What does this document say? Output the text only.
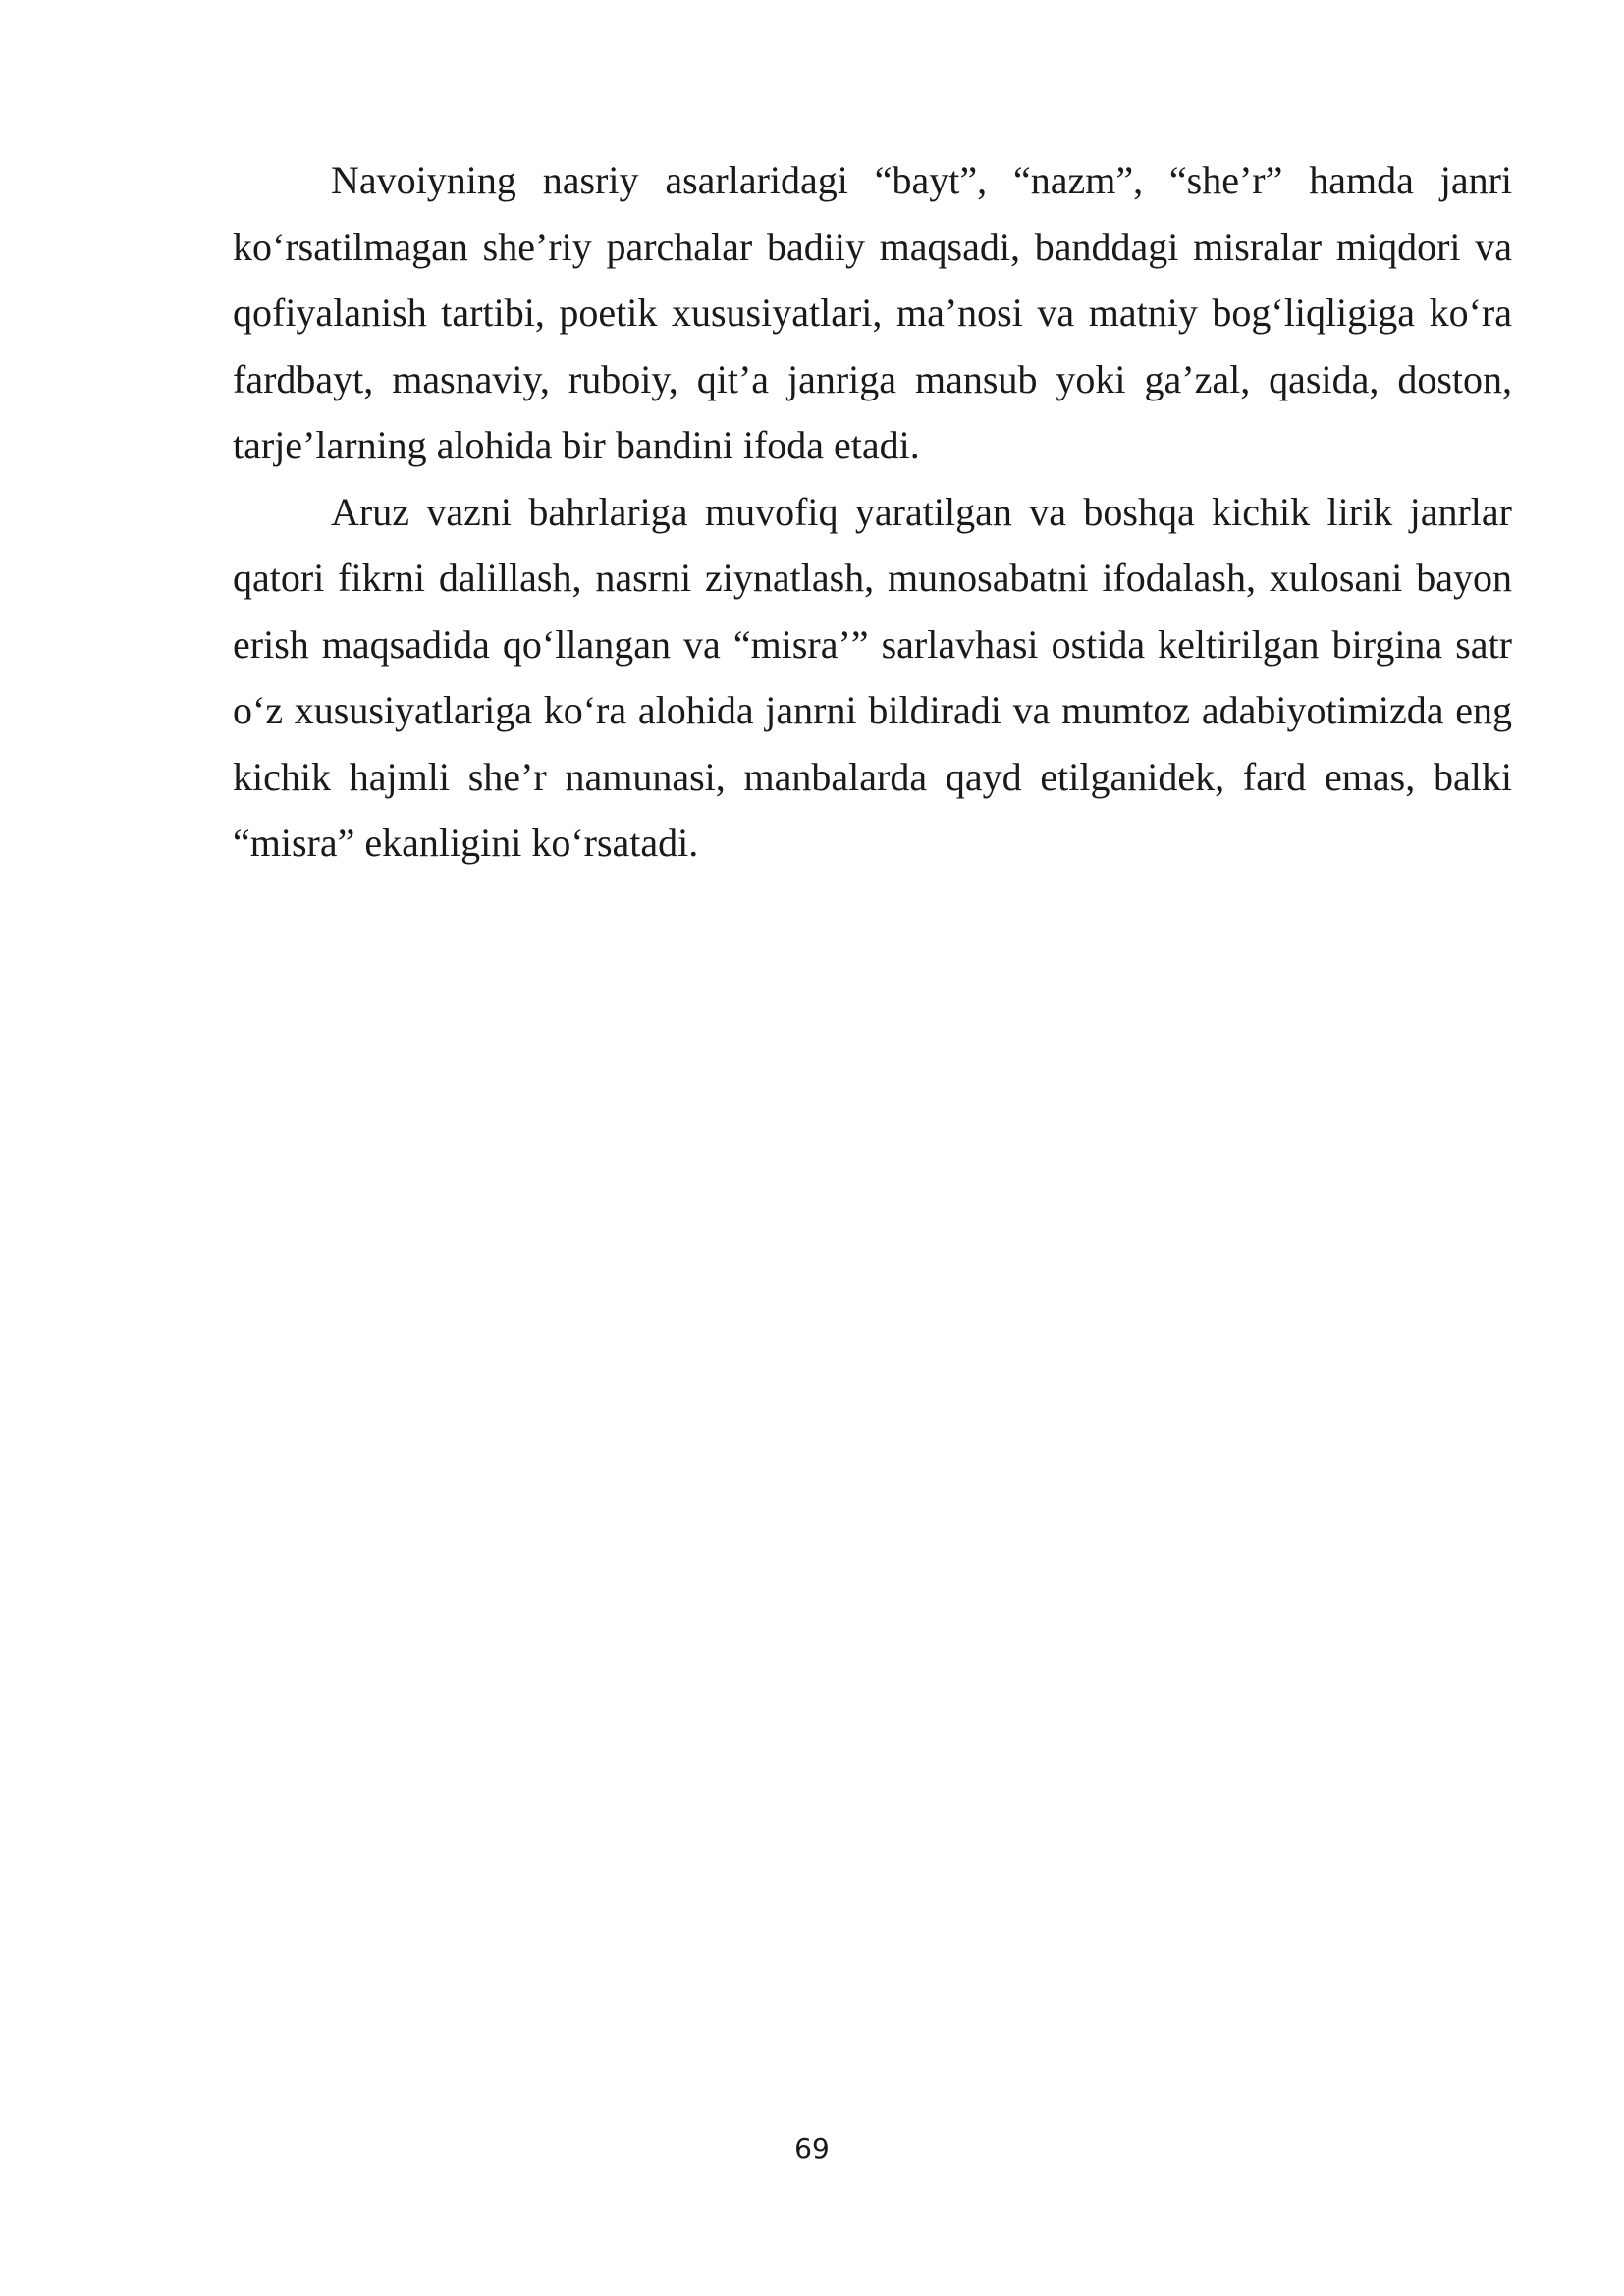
Navoiyning nasriy asarlaridagi “bayt”, “nazm”, “she’r” hamda janri ko‘rsatilmagan she’riy parchalar badiiy maqsadi, banddagi misralar miqdori va qofiyalanish tartibi, poetik xususiyatlari, ma’nosi va matniy bog‘liqligiga ko‘ra fardbayt, masnaviy, ruboiy, qit’a janriga mansub yoki ga’zal, qasida, doston, tarje’larning alohida bir bandini ifoda etadi.

Aruz vazni bahrlariga muvofiq yaratilgan va boshqa kichik lirik janrlar qatori fikrni dalillash, nasrni ziynatlash, munosabatni ifodalash, xulosani bayon erish maqsadida qo‘llangan va “misra’” sarlavhasi ostida keltirilgan birgina satr o‘z xususiyatlariga ko‘ra alohida janrni bildiradi va mumtoz adabiyotimizda eng kichik hajmli she’r namunasi, manbalarda qayd etilganidek, fard emas, balki “misra” ekanligini ko‘rsatadi.

69
